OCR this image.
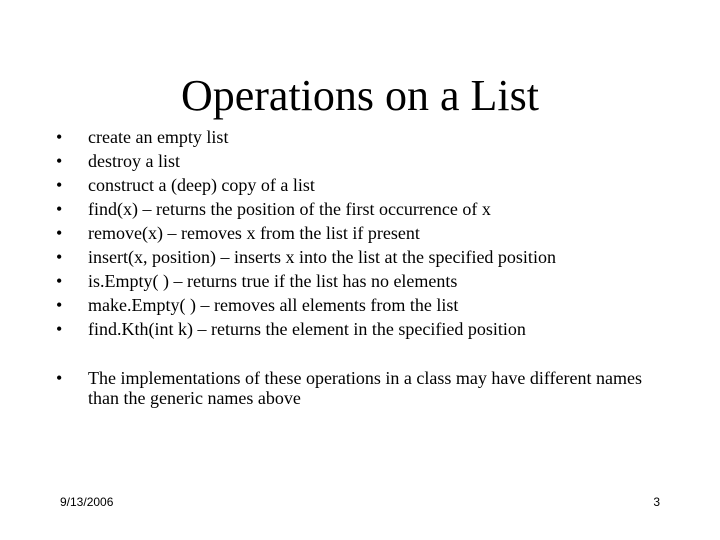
Operations on a List
•	create an empty list
•	destroy a list
•	construct a (deep) copy of a list
•	find(x) – returns the position of the first occurrence of x
•	remove(x) – removes x from the list if present
•	insert(x, position) – inserts x into the list at the specified position
•	is.Empty( ) – returns true if the list has no elements
•	make.Empty( ) – removes all elements from the list
•	find.Kth(int k) – returns the element in the specified position
•	The implementations of these operations in a class may have different names than the generic names above
9/13/2006	3
